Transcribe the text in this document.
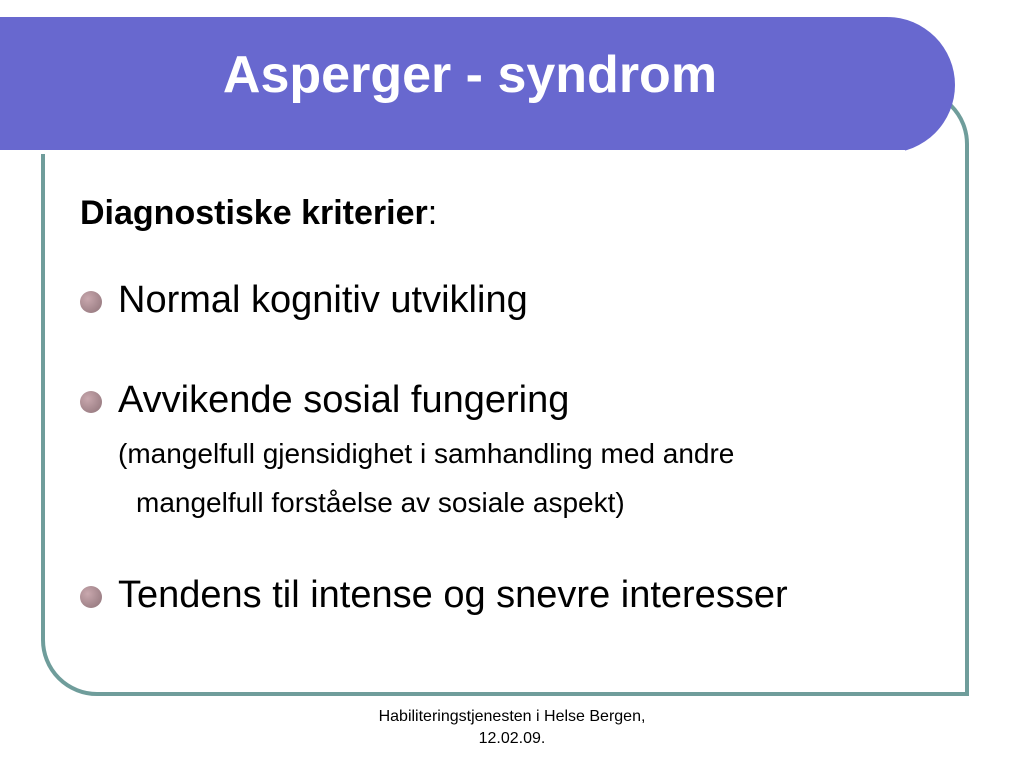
Asperger - syndrom

Diagnostiske kriterier:

Normal kognitiv utvikling
Avvikende sosial fungering
(mangelfull gjensidighet i samhandling med andre
mangelfull forståelse av sosiale aspekt)
Tendens til intense og snevre interesser
Habiliteringstjenesten i Helse Bergen,
12.02.09.
